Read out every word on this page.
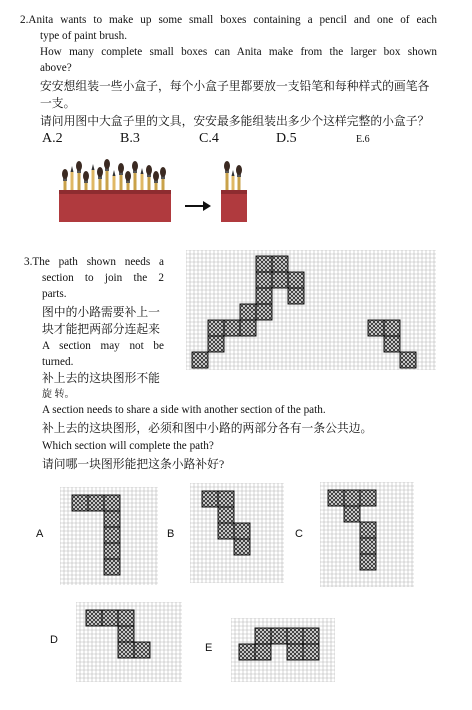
2.Anita wants to make up some small boxes containing a pencil and one of each
type of paint brush.
How many complete small boxes can Anita make from the larger box shown
above?
安安想组装一些小盒子，每个小盒子里都要放一支铅笔和每种样式的画笔各
一支。
请问用图中大盒子里的文具，安安最多能组装出多少个这样完整的小盒子？
A.2	B.3	C.4	D.5	E.6
3.The path shown needs a
section to join the 2
parts.
图中的小路需要补上一
块才能把两部分连起来
A section may not be
turned.
补上去的这块图形不能
旋 转。
A section needs to share a side with another section of the path.
补上去的这块图形，必须和图中小路的两部分各有一条公共边。
Which section will complete the path?
请问哪一块图形能把这条小路补好?
A	B	C
D
E
